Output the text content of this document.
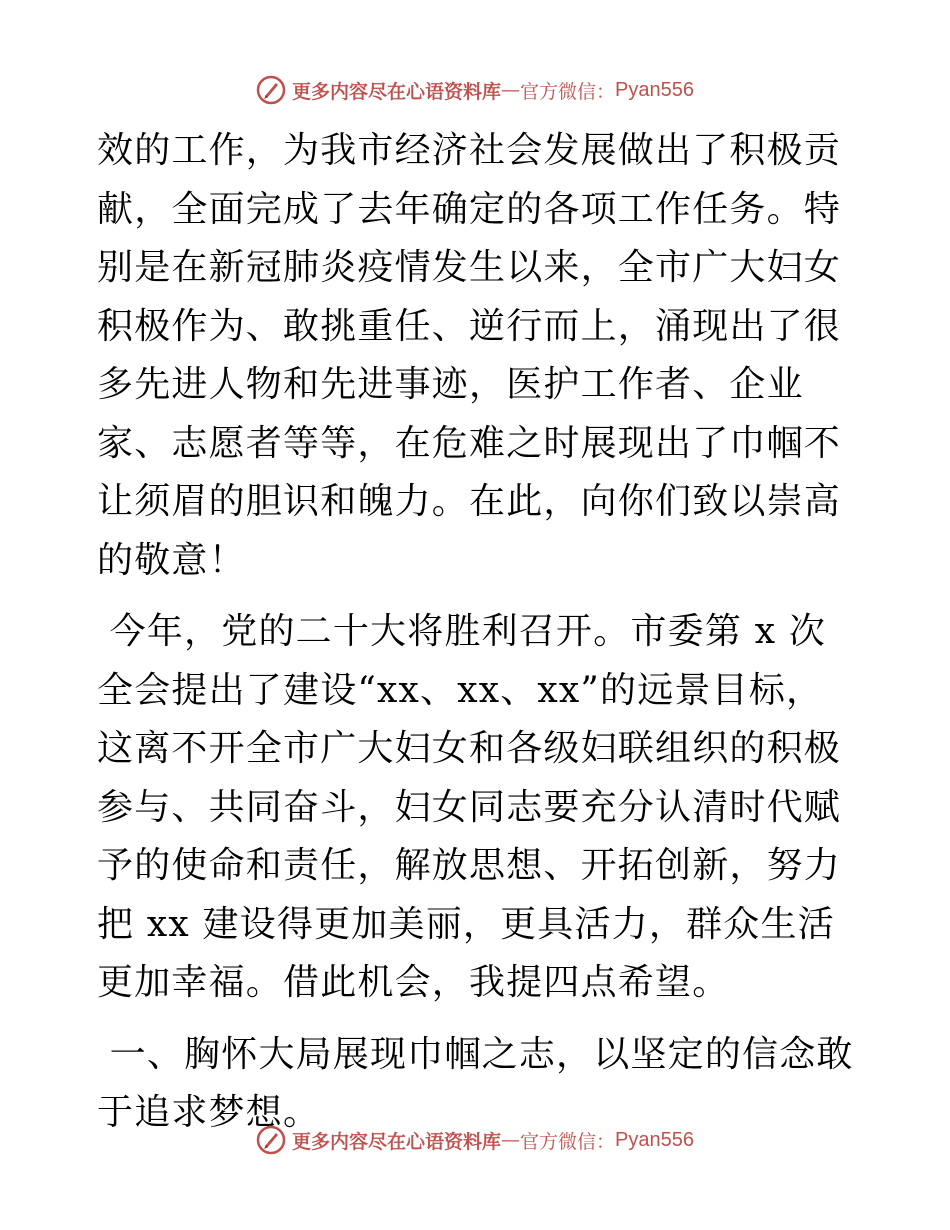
更多内容尽在心语资料库 — 官方微信： Pyan556

效的工作，为我市经济社会发展做出了积极贡献，全面完成了去年确定的各项工作任务。特别是在新冠肺炎疫情发生以来，全市广大妇女积极作为、敢挑重任、逆行而上，涌现出了很多先进人物和先进事迹，医护工作者、企业家、志愿者等等，在危难之时展现出了巾帼不让须眉的胆识和魄力。在此，向你们致以崇高的敬意！

今年，党的二十大将胜利召开。市委第 x 次全会提出了建设“xx、xx、xx”的远景目标，这离不开全市广大妇女和各级妇联组织的积极参与、共同奋斗，妇女同志要充分认清时代赋予的使命和责任，解放思想、开拓创新，努力把 xx 建设得更加美丽，更具活力，群众生活更加幸福。借此机会，我提四点希望。

一、胸怀大局展现巾帼之志，以坚定的信念敢于追求梦想。

更多内容尽在心语资料库 — 官方微信： Pyan556
